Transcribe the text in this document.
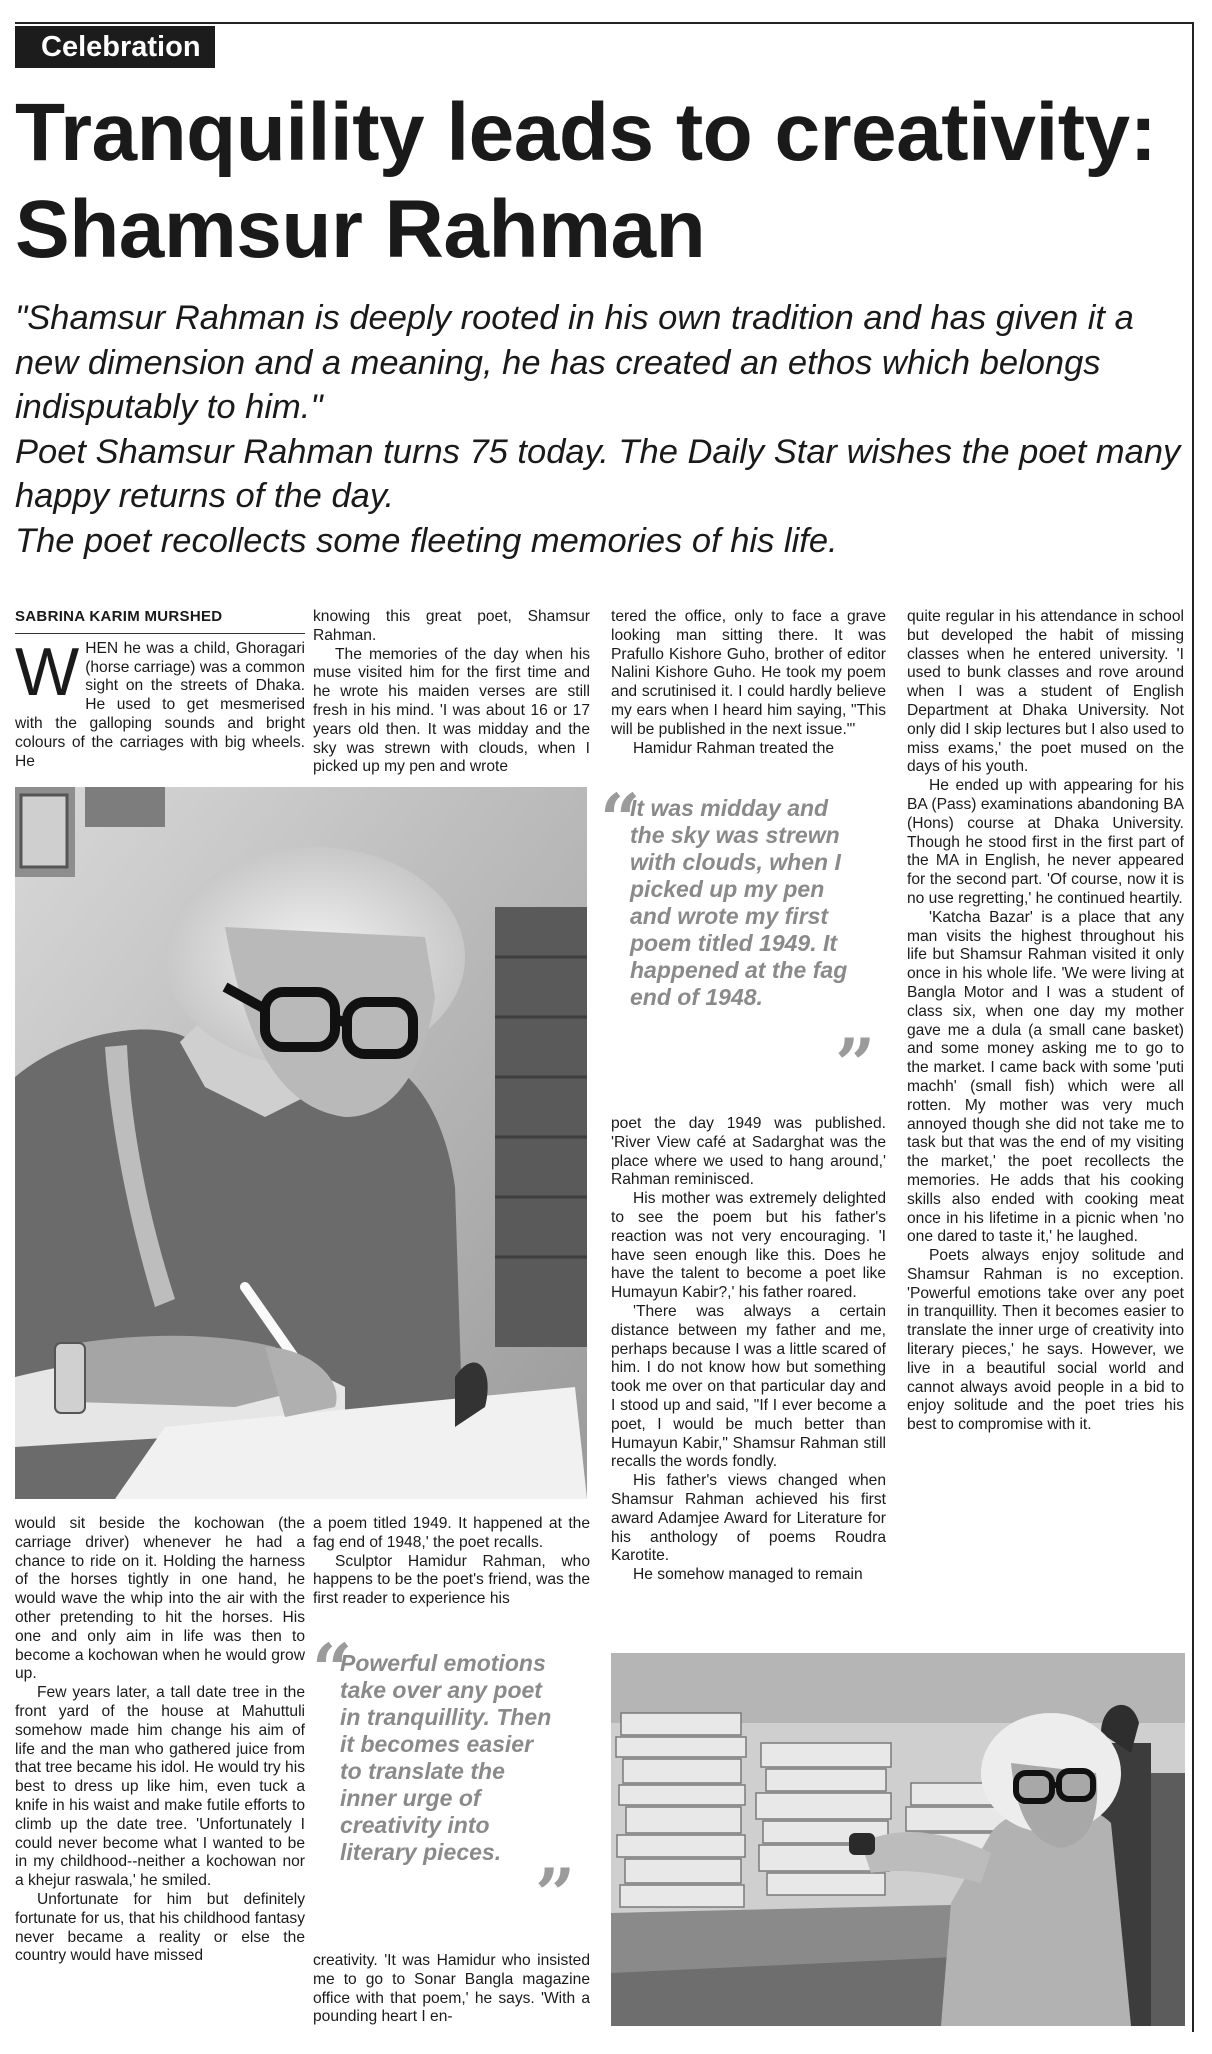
Celebration
Tranquility leads to creativity:
Shamsur Rahman

"Shamsur Rahman is deeply rooted in his own tradition and has given it a new dimension and a meaning, he has created an ethos which belongs indisputably to him."

Poet Shamsur Rahman turns 75 today. The Daily Star wishes the poet many happy returns of the day.

The poet recollects some fleeting memories of his life.

SABRINA KARIM MURSHED

WHEN he was a child, Ghoragari (horse carriage) was a common sight on the streets of Dhaka. He used to get mesmerised with the galloping sounds and bright colours of the carriages with big wheels. He

knowing this great poet, Shamsur Rahman.

The memories of the day when his muse visited him for the first time and he wrote his maiden verses are still fresh in his mind. 'I was about 16 or 17 years old then. It was midday and the sky was strewn with clouds, when I picked up my pen and wrote

tered the office, only to face a grave looking man sitting there. It was Prafullo Kishore Guho, brother of editor Nalini Kishore Guho. He took my poem and scrutinised it. I could hardly believe my ears when I heard him saying, "This will be published in the next issue."'

Hamidur Rahman treated the

quite regular in his attendance in school but developed the habit of missing classes when he entered university. 'I used to bunk classes and rove around when I was a student of English Department at Dhaka University. Not only did I skip lectures but I also used to miss exams,' the poet mused on the days of his youth.

He ended up with appearing for his BA (Pass) examinations abandoning BA (Hons) course at Dhaka University. Though he stood first in the first part of the MA in English, he never appeared for the second part. 'Of course, now it is no use regretting,' he continued heartily.

'Katcha Bazar' is a place that any man visits the highest throughout his life but Shamsur Rahman visited it only once in his whole life. 'We were living at Bangla Motor and I was a student of class six, when one day my mother gave me a dula (a small cane basket) and some money asking me to go to the market. I came back with some 'puti machh' (small fish) which were all rotten. My mother was very much annoyed though she did not take me to task but that was the end of my visiting the market,' the poet recollects the memories. He adds that his cooking skills also ended with cooking meat once in his lifetime in a picnic when 'no one dared to taste it,' he laughed.

Poets always enjoy solitude and Shamsur Rahman is no exception. 'Powerful emotions take over any poet in tranquillity. Then it becomes easier to translate the inner urge of creativity into literary pieces,' he says. However, we live in a beautiful social world and cannot always avoid people in a bid to enjoy solitude and the poet tries his best to compromise with it.

“
It was midday and the sky was strewn with clouds, when I picked up my pen and wrote my first poem titled 1949. It happened at the fag end of 1948.
”

poet the day 1949 was published. 'River View café at Sadarghat was the place where we used to hang around,' Rahman reminisced.

His mother was extremely delighted to see the poem but his father's reaction was not very encouraging. 'I have seen enough like this. Does he have the talent to become a poet like Humayun Kabir?,' his father roared.

'There was always a certain distance between my father and me, perhaps because I was a little scared of him. I do not know how but something took me over on that particular day and I stood up and said, "If I ever become a poet, I would be much better than Humayun Kabir," Shamsur Rahman still recalls the words fondly.

His father's views changed when Shamsur Rahman achieved his first award Adamjee Award for Literature for his anthology of poems Roudra Karotite.

He somehow managed to remain

would sit beside the kochowan (the carriage driver) whenever he had a chance to ride on it. Holding the harness of the horses tightly in one hand, he would wave the whip into the air with the other pretending to hit the horses. His one and only aim in life was then to become a kochowan when he would grow up.

Few years later, a tall date tree in the front yard of the house at Mahuttuli somehow made him change his aim of life and the man who gathered juice from that tree became his idol. He would try his best to dress up like him, even tuck a knife in his waist and make futile efforts to climb up the date tree. 'Unfortunately I could never become what I wanted to be in my childhood--neither a kochowan nor a khejur raswala,' he smiled.

Unfortunate for him but definitely fortunate for us, that his childhood fantasy never became a reality or else the country would have missed

a poem titled 1949. It happened at the fag end of 1948,' the poet recalls.

Sculptor Hamidur Rahman, who happens to be the poet's friend, was the first reader to experience his

“
Powerful emotions take over any poet in tranquillity. Then it becomes easier to translate the inner urge of creativity into literary pieces.
”

creativity. 'It was Hamidur who insisted me to go to Sonar Bangla magazine office with that poem,' he says. 'With a pounding heart I en-
